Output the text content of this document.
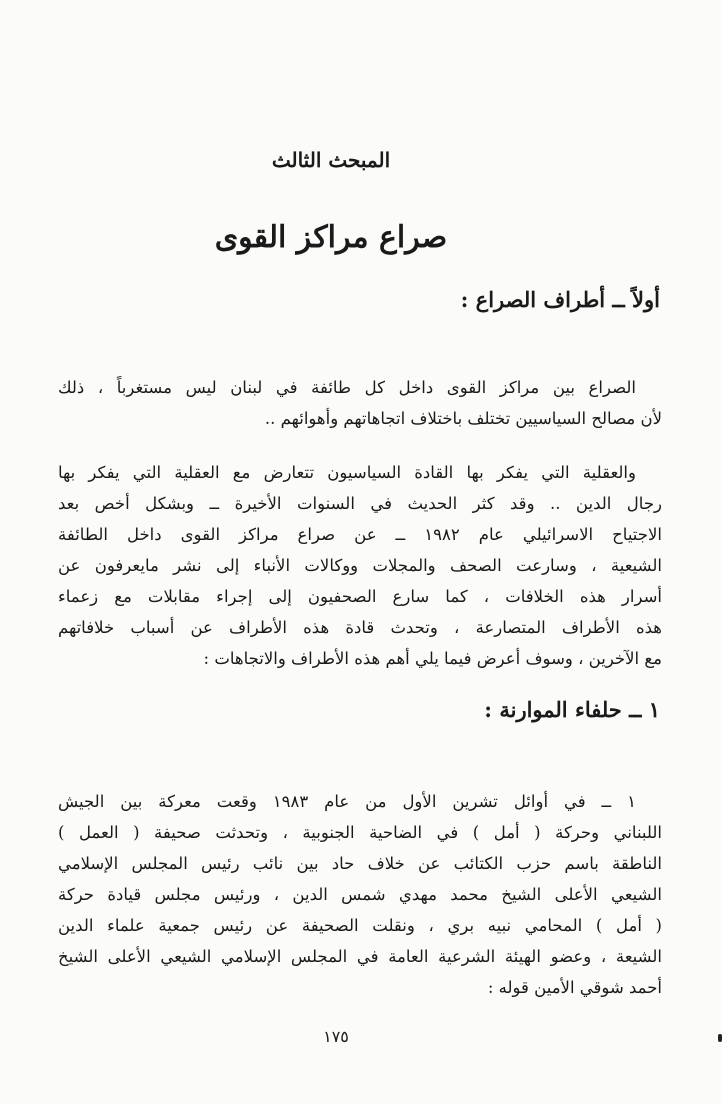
المبحث الثالث
صراع مراكز القوى
أولاً ــ أطراف الصراع :
الصراع بين مراكز القوى داخل كل طائفة في لبنان ليس مستغرباً ، ذلك
لأن مصالح السياسيين تختلف باختلاف اتجاهاتهم وأهوائهم ..
والعقلية التي يفكر بها القادة السياسيون تتعارض مع العقلية التي يفكر بها
رجال الدين .. وقد كثر الحديث في السنوات الأخيرة ــ وبشكل أخص بعد
الاجتياح الاسرائيلي عام ١٩٨٢ ــ عن صراع مراكز القوى داخل الطائفة
الشيعية ، وسارعت الصحف والمجلات ووكالات الأنباء إلى نشر مايعرفون عن
أسرار هذه الخلافات ، كما سارع الصحفيون إلى إجراء مقابلات مع زعماء
هذه الأطراف المتصارعة ، وتحدث قادة هذه الأطراف عن أسباب خلافاتهم
مع الآخرين ، وسوف أعرض فيما يلي أهم هذه الأطراف والاتجاهات :
١ ــ حلفاء الموارنة :
١ ــ في أوائل تشرين الأول من عام ١٩٨٣ وقعت معركة بين الجيش
اللبناني وحركة ( أمل ) في الضاحية الجنوبية ، وتحدثت صحيفة ( العمل )
الناطقة باسم حزب الكتائب عن خلاف حاد بين نائب رئيس المجلس الإسلامي
الشيعي الأعلى الشيخ محمد مهدي شمس الدين ، ورئيس مجلس قيادة حركة
( أمل ) المحامي نبيه بري ، ونقلت الصحيفة عن رئيس جمعية علماء الدين
الشيعة ، وعضو الهيئة الشرعية العامة في المجلس الإسلامي الشيعي الأعلى الشيخ
أحمد شوقي الأمين قوله :
١٧٥
